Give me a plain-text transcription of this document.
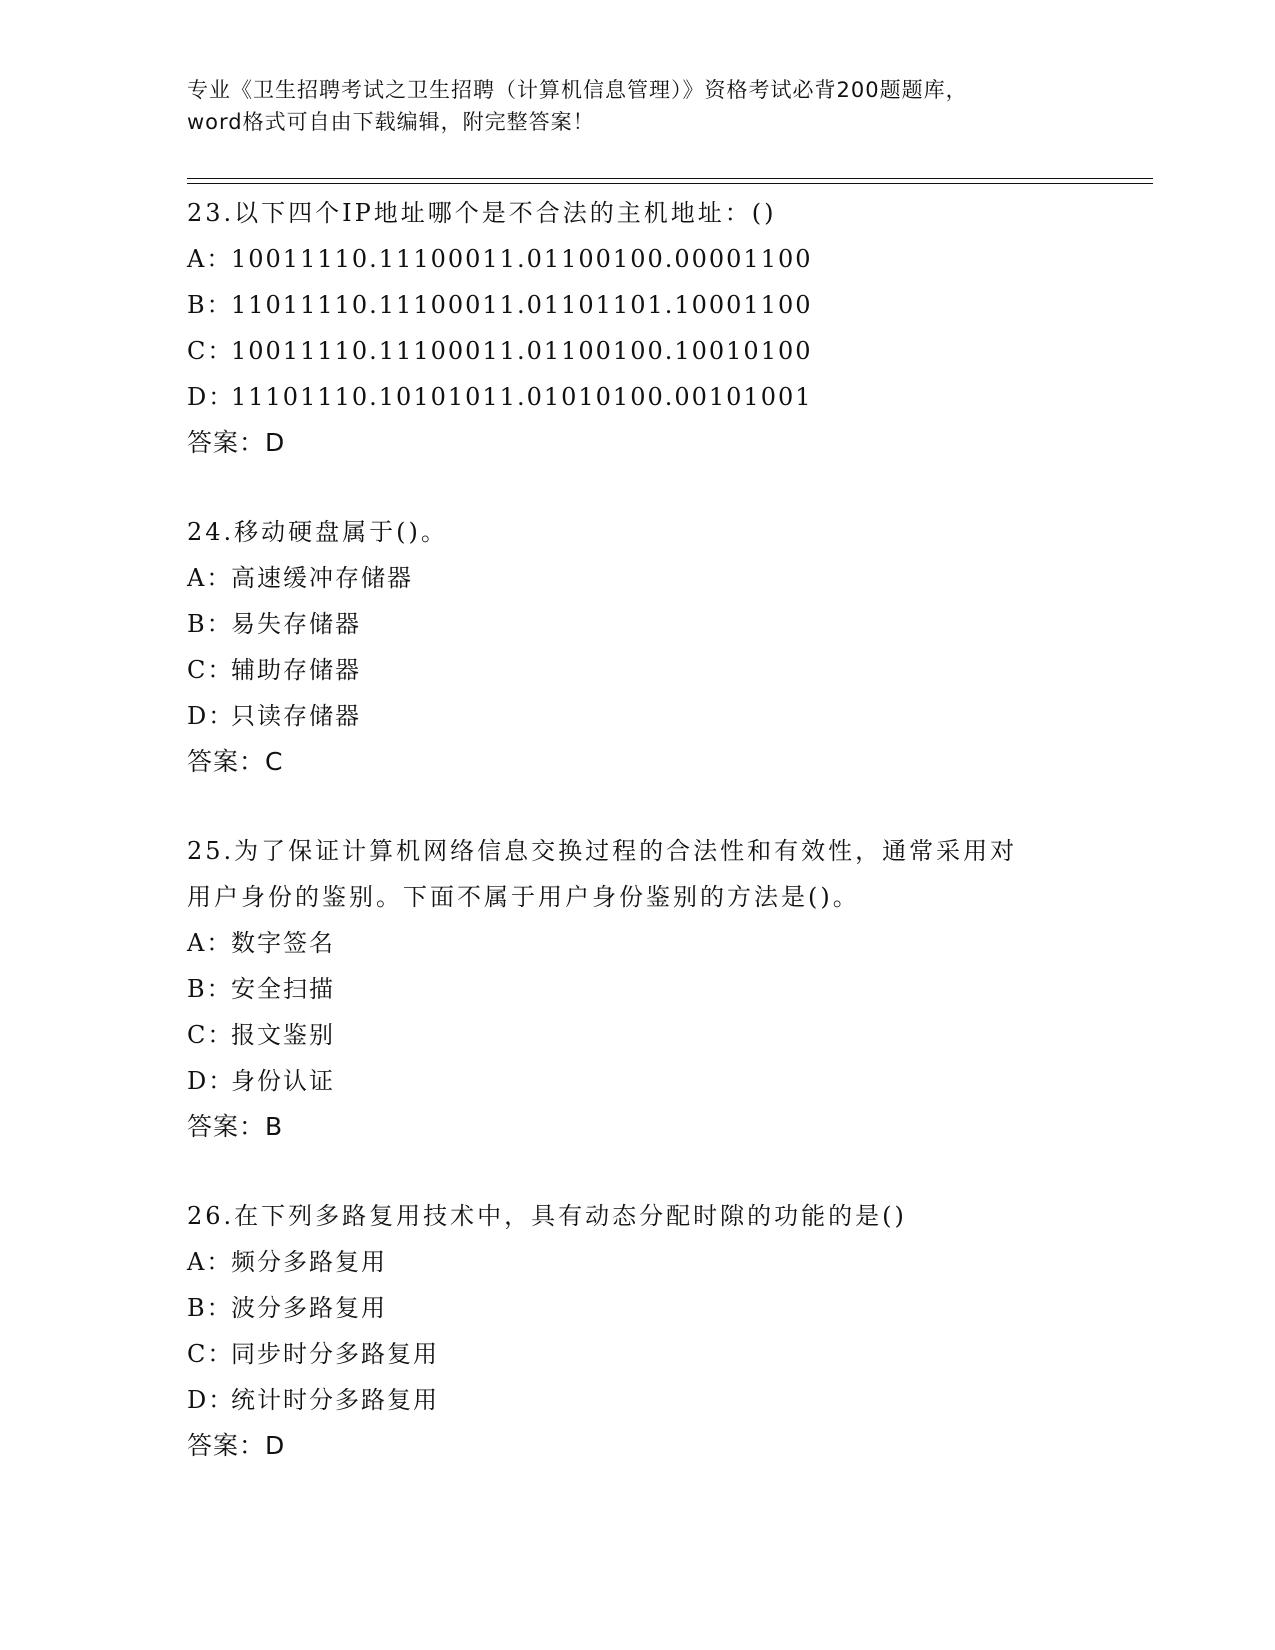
专业《卫生招聘考试之卫生招聘（计算机信息管理）》资格考试必背200题题库，
word格式可自由下载编辑，附完整答案！
23.以下四个IP地址哪个是不合法的主机地址：()
A：
10011110.11100011.01100100.00001100
B：
11011110.11100011.01101101.10001100
C：
10011110.11100011.01100100.10010100
D：
11101110.10101011.01010100.00101001
答案：D
24.移动硬盘属于()。
A：
高速缓冲存储器
B：
易失存储器
C：
辅助存储器
D：
只读存储器
答案：C
25.为了保证计算机网络信息交换过程的合法性和有效性，通常采用对
用户身份的鉴别。下面不属于用户身份鉴别的方法是()。
A：
数字签名
B：
安全扫描
C：
报文鉴别
D：
身份认证
答案：B
26.在下列多路复用技术中，具有动态分配时隙的功能的是()
A：
频分多路复用
B：
波分多路复用
C：
同步时分多路复用
D：
统计时分多路复用
答案：D
